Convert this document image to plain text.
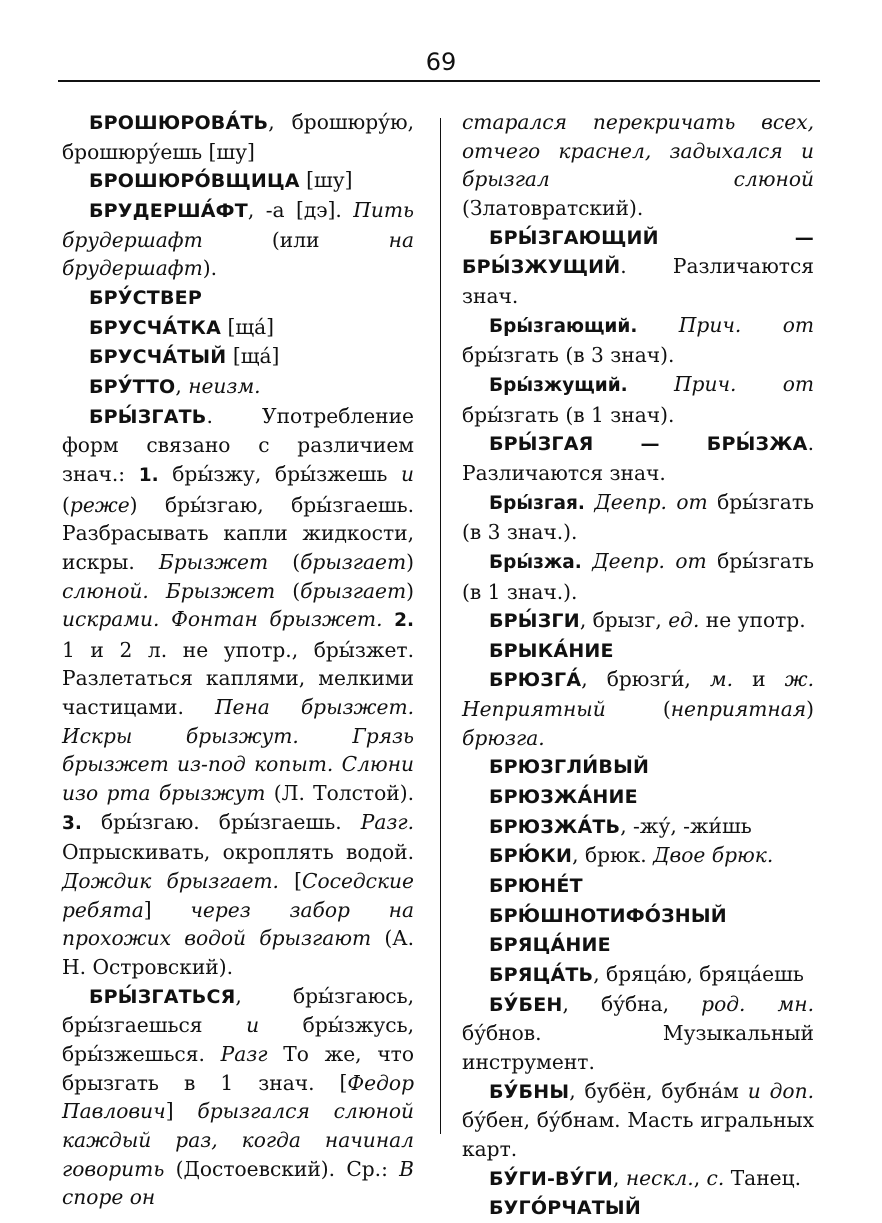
69

БРОШЮРОВА́ТЬ, брошюру́ю, брошюру́ешь [шу]

БРОШЮРО́ВЩИЦА [шу]

БРУДЕРША́ФТ, -а [дэ]. Пить брудершафт (или на брудершафт).

БРУ́СТВЕР

БРУСЧА́ТКА [ща́]

БРУСЧА́ТЫЙ [ща́]

БРУ́ТТО, неизм.

БРЫ́ЗГАТЬ. Употребление форм связано с различием знач.: 1. бры́зжу, бры́зжешь и (реже) бры́згаю, бры́згаешь. Разбрасывать капли жидкости, искры. Брызжет (брызгает) слюной. Брызжет (брызгает) искрами. Фонтан брызжет. 2. 1 и 2 л. не употр., бры́зжет. Разлетаться каплями, мелкими частицами. Пена брызжет. Искры брызжут. Грязь брызжет из-под копыт. Слюни изо рта брызжут (Л. Толстой). 3. бры́згаю. бры́згаешь. Разг. Опрыскивать, окроплять водой. Дождик брызгает. [Соседские ребята] через забор на прохожих водой брызгают (А. Н. Островский).

БРЫ́ЗГАТЬСЯ, бры́згаюсь, бры́згаешься и бры́зжусь, бры́зжешься. Разг То же, что брызгать в 1 знач. [Федор Павлович] брызгался слюной каждый раз, когда начинал говорить (Достоевский). Ср.: В споре он

старался перекричать всех, отчего краснел, задыхался и брызгал слюной (Златовратский).

БРЫ́ЗГАЮЩИЙ — БРЫ́ЗЖУЩИЙ. Различаются знач.

Бры́згающий. Прич. от бры́згать (в 3 знач).

Бры́зжущий. Прич. от бры́згать (в 1 знач).

БРЫ́ЗГАЯ — БРЫ́ЗЖА. Различаются знач.

Бры́згая. Деепр. от бры́згать (в 3 знач.).

Бры́зжа. Деепр. от бры́згать (в 1 знач.).

БРЫ́ЗГИ, брызг, ед. не употр.

БРЫКА́НИЕ

БРЮЗГА́, брюзги́, м. и ж. Неприятный (неприятная) брюзга.

БРЮЗГЛИ́ВЫЙ

БРЮЗЖА́НИЕ

БРЮЗЖА́ТЬ, -жу́, -жи́шь

БРЮ́КИ, брюк. Двое брюк.

БРЮНЕ́Т

БРЮ́ШНОТИФО́ЗНЫЙ

БРЯЦА́НИЕ

БРЯЦА́ТЬ, бряца́ю, бряца́ешь

БУ́БЕН, бу́бна, род. мн. бу́бнов. Музыкальный инструмент.

БУ́БНЫ, бубён, бубна́м и доп. бу́бен, бу́бнам. Масть игральных карт.

БУ́ГИ-ВУ́ГИ, нескл., с. Танец.

БУГО́РЧАТЫЙ
